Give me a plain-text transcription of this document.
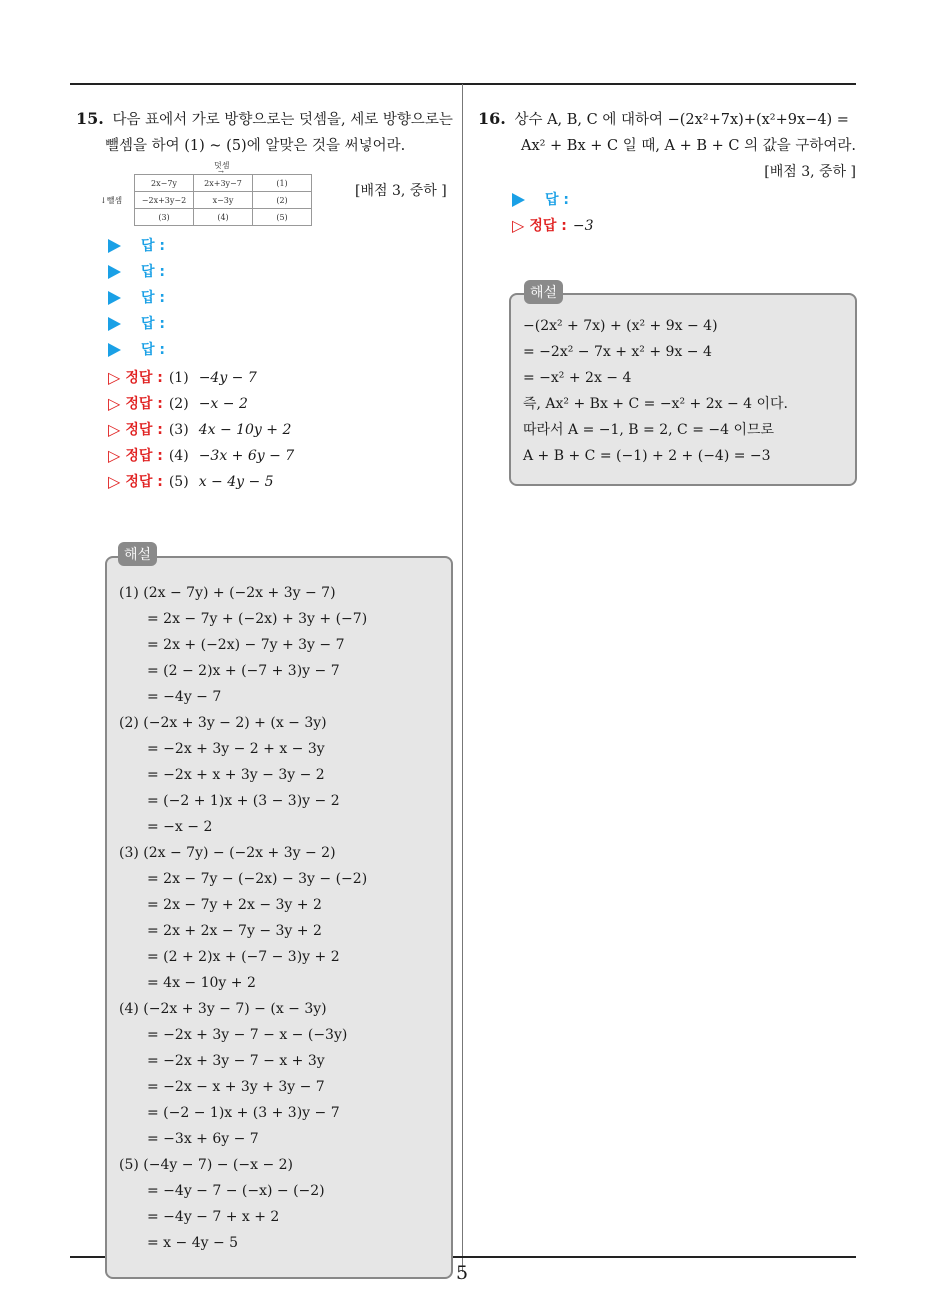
5
15. 다음 표에서 가로 방향으로는 덧셈을, 세로 방향으로는
뺄셈을 하여 (1) ~ (5)에 알맞은 것을 써넣어라.
덧셈
→
↓뺄셈
2x−7y	2x+3y−7	(1)
−2x+3y−2	x−3y	(2)
(3)	(4)	(5)
[배점 3, 중하 ]
답 :
답 :
답 :
답 :
답 :
▷ 정답 : (1) −4y − 7
▷ 정답 : (2) −x − 2
▷ 정답 : (3) 4x − 10y + 2
▷ 정답 : (4) −3x + 6y − 7
▷ 정답 : (5) x − 4y − 5
(1) (2x − 7y) + (−2x + 3y − 7)
= 2x − 7y + (−2x) + 3y + (−7)
= 2x + (−2x) − 7y + 3y − 7
= (2 − 2)x + (−7 + 3)y − 7
= −4y − 7
(2) (−2x + 3y − 2) + (x − 3y)
= −2x + 3y − 2 + x − 3y
= −2x + x + 3y − 3y − 2
= (−2 + 1)x + (3 − 3)y − 2
= −x − 2
(3) (2x − 7y) − (−2x + 3y − 2)
= 2x − 7y − (−2x) − 3y − (−2)
= 2x − 7y + 2x − 3y + 2
= 2x + 2x − 7y − 3y + 2
= (2 + 2)x + (−7 − 3)y + 2
= 4x − 10y + 2
(4) (−2x + 3y − 7) − (x − 3y)
= −2x + 3y − 7 − x − (−3y)
= −2x + 3y − 7 − x + 3y
= −2x − x + 3y + 3y − 7
= (−2 − 1)x + (3 + 3)y − 7
= −3x + 6y − 7
(5) (−4y − 7) − (−x − 2)
= −4y − 7 − (−x) − (−2)
= −4y − 7 + x + 2
= x − 4y − 5
해설
16. 상수 A, B, C 에 대하여 −(2x²+7x)+(x²+9x−4) =
Ax² + Bx + C 일 때, A + B + C 의 값을 구하여라.
[배점 3, 중하 ]
답 :
▷ 정답 : −3
−(2x² + 7x) + (x² + 9x − 4)
= −2x² − 7x + x² + 9x − 4
= −x² + 2x − 4
즉, Ax² + Bx + C = −x² + 2x − 4 이다.
따라서 A = −1, B = 2, C = −4 이므로
A + B + C = (−1) + 2 + (−4) = −3
해설
